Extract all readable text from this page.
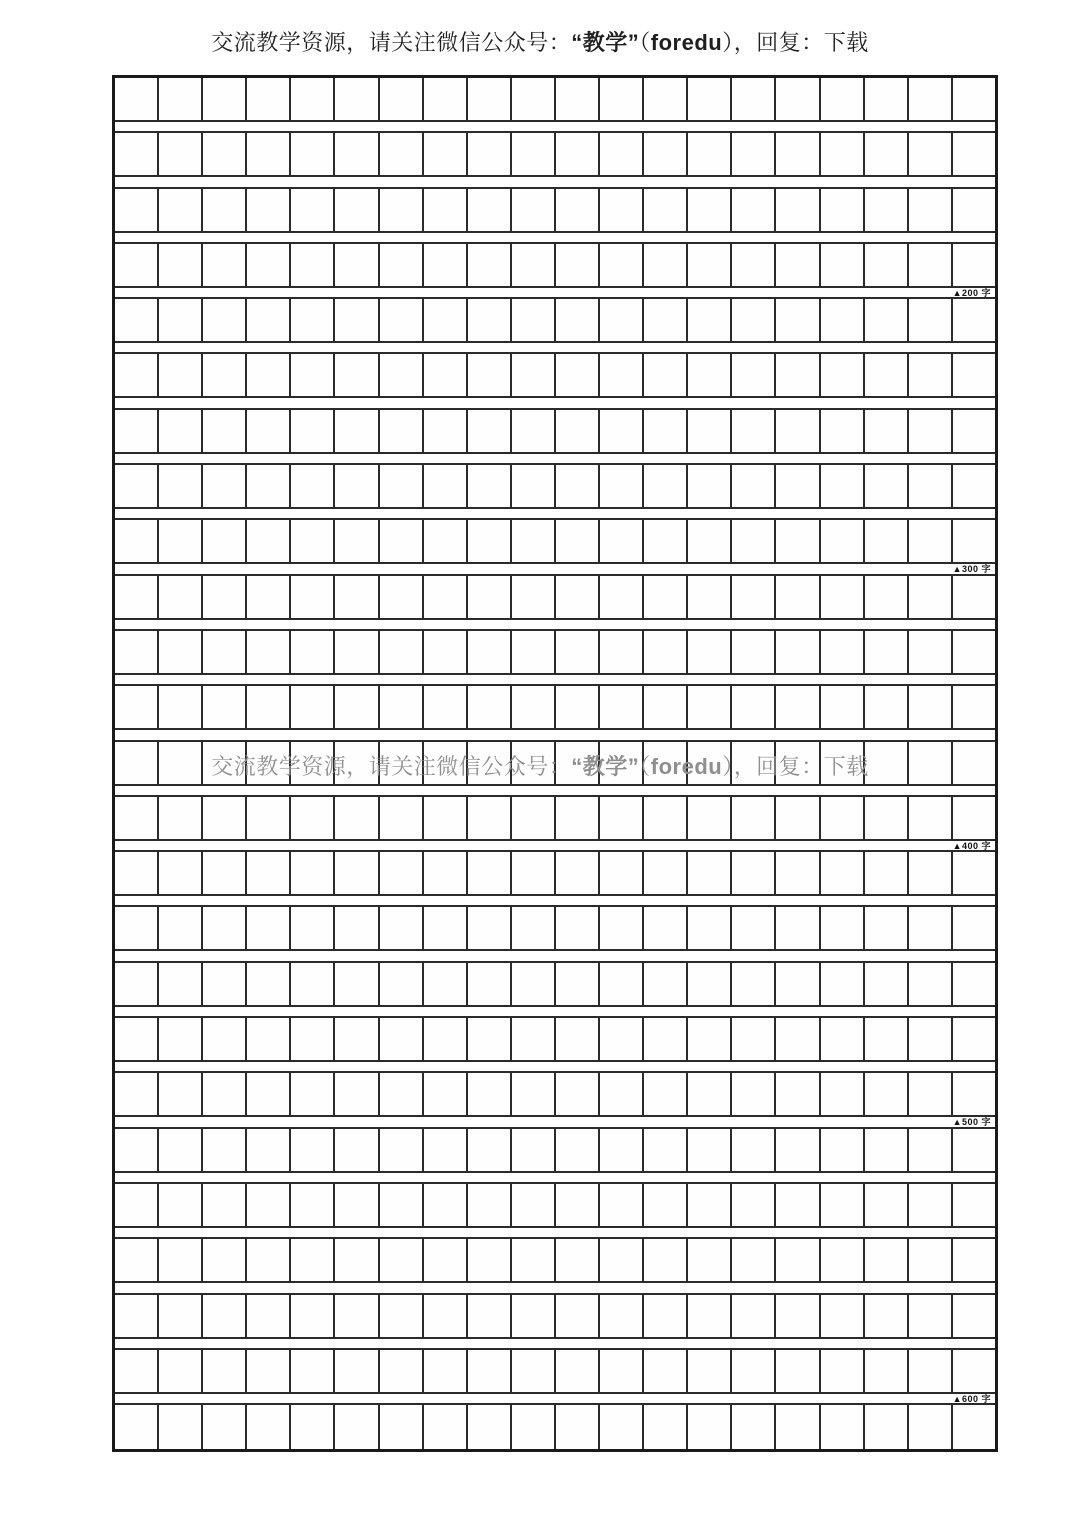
交流教学资源，请关注微信公众号：“教学”（foredu），回复：下载
▲200 字
▲300 字
▲400 字
▲500 字
▲600 字
交流教学资源，请关注微信公众号：“教学”（foredu），回复：下载
